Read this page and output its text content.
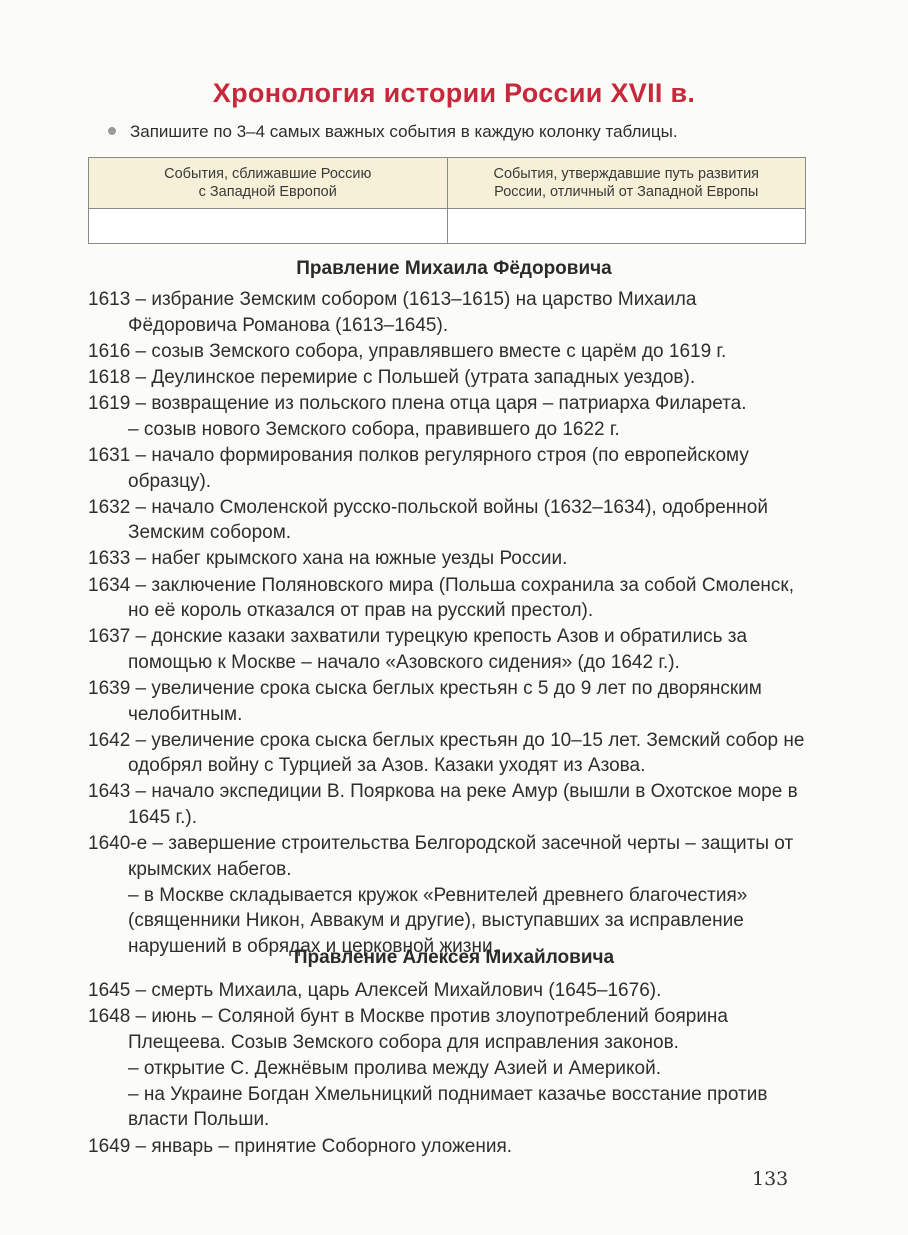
Хронология истории России XVII в.
Запишите по 3–4 самых важных события в каждую колонку таблицы.
События, сближавшие Россию
с Западной Европой	События, утверждавшие путь развития
России, отличный от Западной Европы

Правление Михаила Фёдоровича
1613 – избрание Земским собором (1613–1615) на царство Михаила Фёдоровича Романова (1613–1645).
1616 – созыв Земского собора, управлявшего вместе с царём до 1619 г.
1618 – Деулинское перемирие с Польшей (утрата западных уездов).
1619 – возвращение из польского плена отца царя – патриарха Филарета.
– созыв нового Земского собора, правившего до 1622 г.
1631 – начало формирования полков регулярного строя (по европейскому образцу).
1632 – начало Смоленской русско-польской войны (1632–1634), одобренной Земским собором.
1633 – набег крымского хана на южные уезды России.
1634 – заключение Поляновского мира (Польша сохранила за собой Смоленск, но её король отказался от прав на русский престол).
1637 – донские казаки захватили турецкую крепость Азов и обратились за помощью к Москве – начало «Азовского сидения» (до 1642 г.).
1639 – увеличение срока сыска беглых крестьян с 5 до 9 лет по дворянским челобитным.
1642 – увеличение срока сыска беглых крестьян до 10–15 лет. Земский собор не одобрял войну с Турцией за Азов. Казаки уходят из Азова.
1643 – начало экспедиции В. Пояркова на реке Амур (вышли в Охотское море в 1645 г.).
1640-е – завершение строительства Белгородской засечной черты – защиты от крымских набегов.
– в Москве складывается кружок «Ревнителей древнего благочестия» (священники Никон, Аввакум и другие), выступавших за исправление нарушений в обрядах и церковной жизни.
Правление Алексея Михайловича
1645 – смерть Михаила, царь Алексей Михайлович (1645–1676).
1648 – июнь – Соляной бунт в Москве против злоупотреблений боярина Плещеева. Созыв Земского собора для исправления законов.
– открытие С. Дежнёвым пролива между Азией и Америкой.
– на Украине Богдан Хмельницкий поднимает казачье восстание против власти Польши.
1649 – январь – принятие Соборного уложения.
133
